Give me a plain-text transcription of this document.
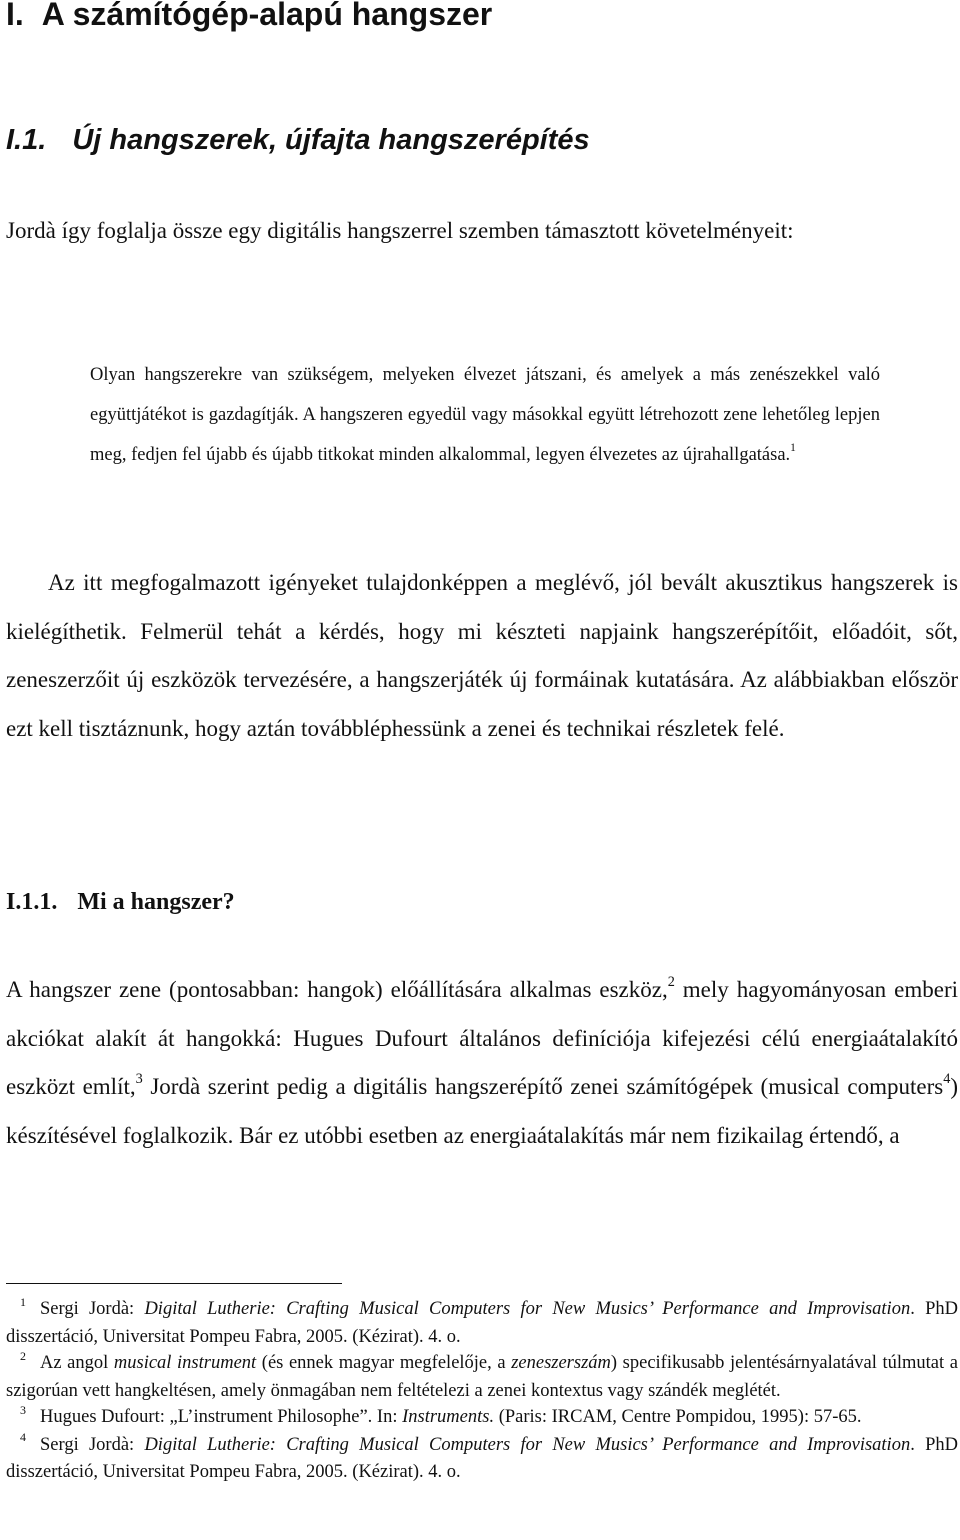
I. A számítógép-alapú hangszer
I.1. Új hangszerek, újfajta hangszerépítés

Jordà így foglalja össze egy digitális hangszerrel szemben támasztott követelményeit:

Olyan hangszerekre van szükségem, melyeken élvezet játszani, és amelyek a más zenészekkel való együttjátékot is gazdagítják. A hangszeren egyedül vagy másokkal együtt létrehozott zene lehetőleg lepjen meg, fedjen fel újabb és újabb titkokat minden alkalommal, legyen élvezetes az újrahallgatása.$^1$

Az itt megfogalmazott igényeket tulajdonképpen a meglévő, jól bevált akusztikus hangszerek is kielégíthetik. Felmerül tehát a kérdés, hogy mi készteti napjaink hangszerépítőit, előadóit, sőt, zeneszerzőit új eszközök tervezésére, a hangszerjáték új formáinak kutatására. Az alábbiakban először ezt kell tisztáznunk, hogy aztán továbbléphessünk a zenei és technikai részletek felé.

I.1.1. Mi a hangszer?

A hangszer zene (pontosabban: hangok) előállítására alkalmas eszköz,$^2$ mely hagyományosan emberi akciókat alakít át hangokká: Hugues Dufourt általános definíciója kifejezési célú energiaátalakító eszközt említ,$^3$ Jordà szerint pedig a digitális hangszerépítő zenei számítógépek (musical computers$^4$) készítésével foglalkozik. Bár ez utóbbi esetben az energiaátalakítás már nem fizikailag értendő, a

1 Sergi Jordà: Digital Lutherie: Crafting Musical Computers for New Musics’ Performance and Improvisation. PhD disszertáció, Universitat Pompeu Fabra, 2005. (Kézirat). 4. o.

2 Az angol musical instrument (és ennek magyar megfelelője, a zeneszerszám) specifikusabb jelentésárnyalatával túlmutat a szigorúan vett hangkeltésen, amely önmagában nem feltételezi a zenei kontextus vagy szándék meglétét.

3 Hugues Dufourt: „L’instrument Philosophe”. In: Instruments. (Paris: IRCAM, Centre Pompidou, 1995): 57-65.

4 Sergi Jordà: Digital Lutherie: Crafting Musical Computers for New Musics’ Performance and Improvisation. PhD disszertáció, Universitat Pompeu Fabra, 2005. (Kézirat). 4. o.
